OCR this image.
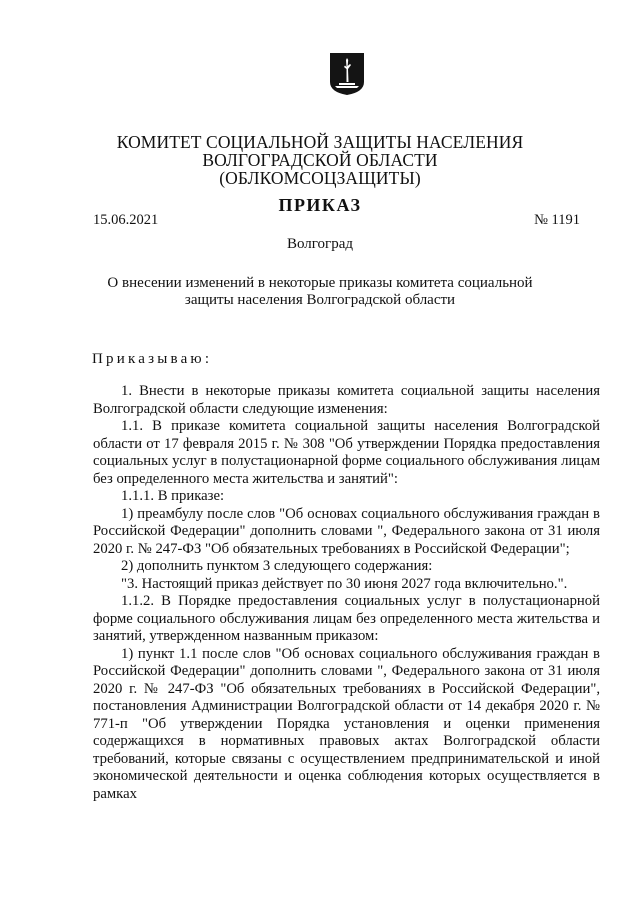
КОМИТЕТ СОЦИАЛЬНОЙ ЗАЩИТЫ НАСЕЛЕНИЯ
ВОЛГОГРАДСКОЙ ОБЛАСТИ
(ОБЛКОМСОЦЗАЩИТЫ)
ПРИКАЗ
15.06.2021	№ 1191
Волгоград
О внесении изменений в некоторые приказы комитета социальной
защиты населения Волгоградской области
Приказываю:

1. Внести в некоторые приказы комитета социальной защиты населения Волгоградской области следующие изменения:

1.1. В приказе комитета социальной защиты населения Волгоградской области от 17 февраля 2015 г. № 308 "Об утверждении Порядка предоставления социальных услуг в полустационарной форме социального обслуживания лицам без определенного места жительства и занятий":

1.1.1. В приказе:

1) преамбулу после слов "Об основах социального обслуживания граждан в Российской Федерации" дополнить словами ", Федерального закона от 31 июля 2020 г. № 247-ФЗ "Об обязательных требованиях в Российской Федерации";

2) дополнить пунктом 3 следующего содержания:

"3. Настоящий приказ действует по 30 июня 2027 года включительно.".

1.1.2. В Порядке предоставления социальных услуг в полустационарной форме социального обслуживания лицам без определенного места жительства и занятий, утвержденном названным приказом:

1) пункт 1.1 после слов "Об основах социального обслуживания граждан в Российской Федерации" дополнить словами ", Федерального закона от 31 июля 2020 г. № 247-ФЗ "Об обязательных требованиях в Российской Федерации", постановления Администрации Волгоградской области от 14 декабря 2020 г. № 771-п "Об утверждении Порядка установления и оценки применения содержащихся в нормативных правовых актах Волгоградской области требований, которые связаны с осуществлением предпринимательской и иной экономической деятельности и оценка соблюдения которых осуществляется в рамках
